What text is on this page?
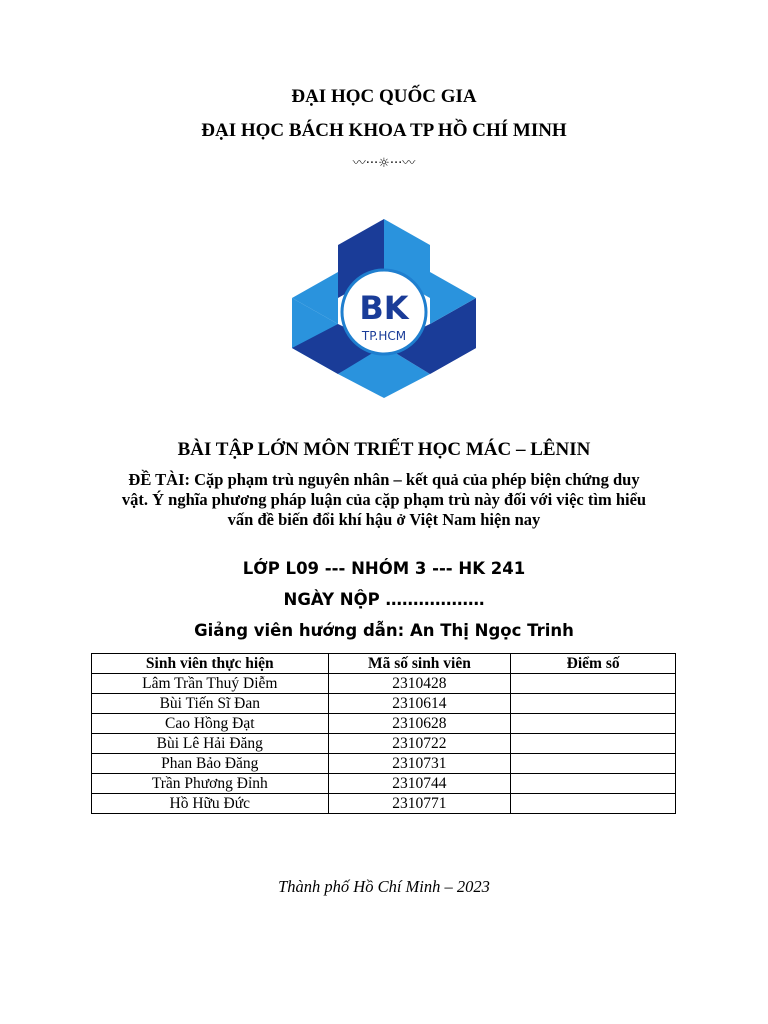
ĐẠI HỌC QUỐC GIA
ĐẠI HỌC BÁCH KHOA TP HỒ CHÍ MINH
〰···☼···〰
BK
TP.HCM
BÀI TẬP LỚN MÔN TRIẾT HỌC MÁC – LÊNIN
ĐỀ TÀI: Cặp phạm trù nguyên nhân – kết quả của phép biện chứng duy
vật. Ý nghĩa phương pháp luận của cặp phạm trù này đối với việc tìm hiểu
vấn đề biến đổi khí hậu ở Việt Nam hiện nay
LỚP L09 --- NHÓM 3 --- HK 241
NGÀY NỘP ………………
Giảng viên hướng dẫn: An Thị Ngọc Trinh
Sinh viên thực hiện	Mã số sinh viên	Điểm số
Lâm Trần Thuý Diễm	2310428	
Bùi Tiến Sĩ Đan	2310614	
Cao Hồng Đạt	2310628	
Bùi Lê Hải Đăng	2310722	
Phan Bảo Đăng	2310731	
Trần Phương Đỉnh	2310744	
Hồ Hữu Đức	2310771	
Thành phố Hồ Chí Minh – 2023
